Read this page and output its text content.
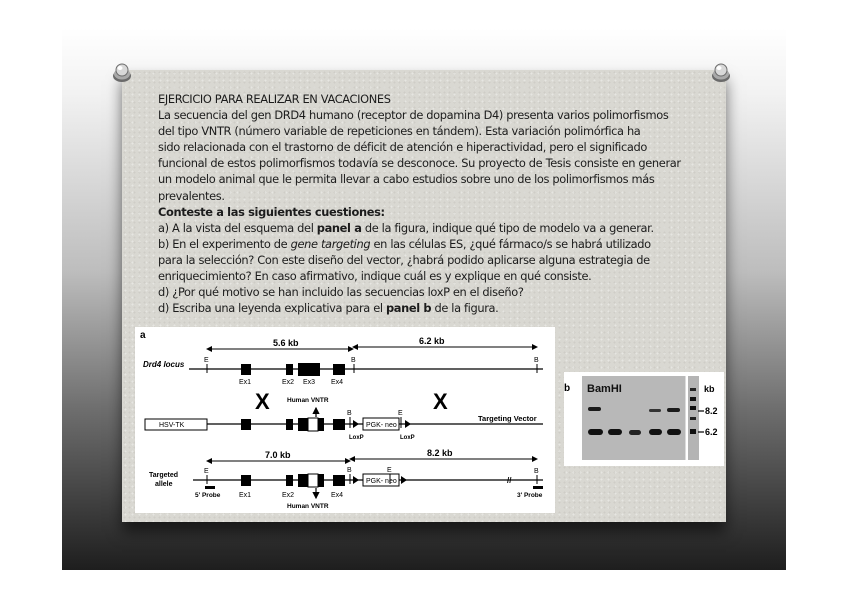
EJERCICIO PARA REALIZAR EN VACACIONES

La secuencia del gen DRD4 humano (receptor de dopamina D4) presenta varios polimorfismos

del tipo VNTR (número variable de repeticiones en tándem). Esta variación polimórfica ha

sido relacionada con el trastorno de déficit de atención e hiperactividad, pero el significado

funcional de estos polimorfismos todavía se desconoce. Su proyecto de Tesis consiste en generar

un modelo animal que le permita llevar a cabo estudios sobre uno de los polimorfismos más

prevalentes.

Conteste a las siguientes cuestiones:

a) A la vista del esquema del panel a de la figura, indique qué tipo de modelo va a generar.

b) En el experimento de gene targeting en las células ES, ¿qué fármaco/s se habrá utilizado

para la selección? Con este diseño del vector, ¿habrá podido aplicarse alguna estrategia de

enriquecimiento? En caso afirmativo, indique cuál es y explique en qué consiste.

d) ¿Por qué motivo se han incluido las secuencias loxP en el diseño?

d) Escriba una leyenda explicativa para el panel b de la figura.

a
5.6 kb	6.2 kb
Drd4 locus	E	B	B
Ex1	Ex2 Ex3 Ex4
X	X
Human VNTR
HSV-TK
B
PGK- neo
E
LoxP	LoxP
Targeting Vector
7.0 kb	8.2 kb
Targeted
allele
E	B
PGK- neo
E
//
B
5' Probe	Ex1	Ex2	Ex4
Human VNTR
3' Probe
b BamHI	kb
8.2
6.2
